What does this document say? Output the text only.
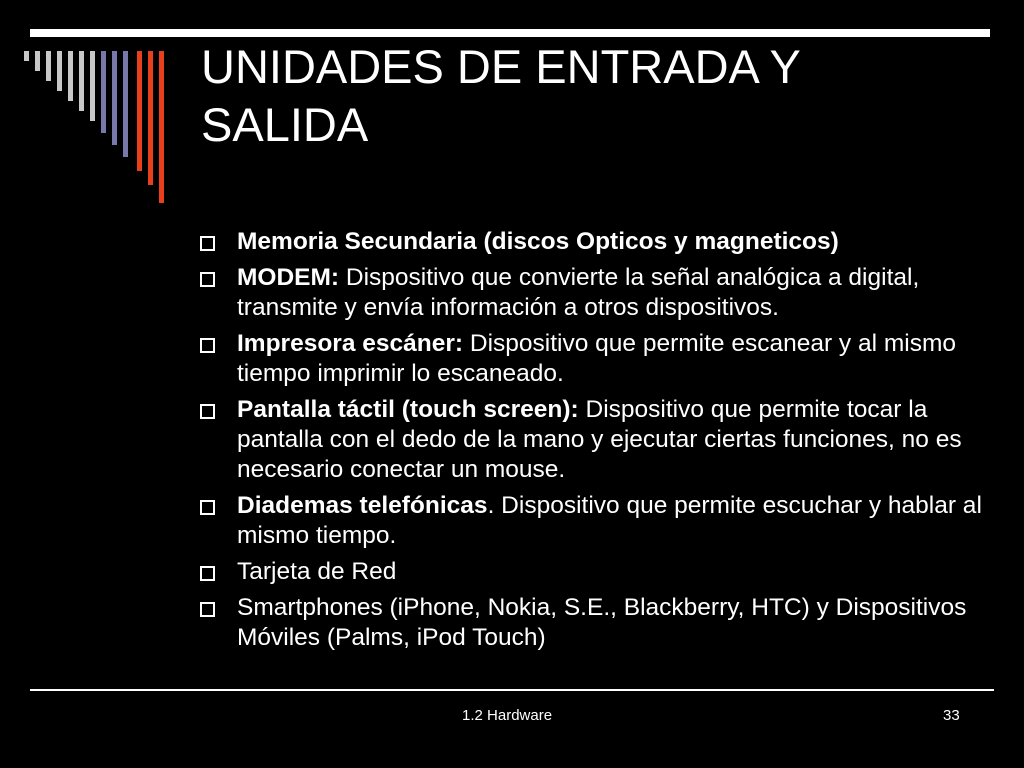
UNIDADES DE ENTRADA Y
SALIDA
Memoria Secundaria (discos Opticos y magneticos)
MODEM: Dispositivo que convierte la señal analógica a digital, transmite y envía información a otros dispositivos.
Impresora escáner: Dispositivo que permite escanear y al mismo tiempo imprimir lo escaneado.
Pantalla táctil (touch screen): Dispositivo que permite tocar la pantalla con el dedo de la mano y ejecutar ciertas funciones, no es necesario conectar un mouse.
Diademas telefónicas. Dispositivo que permite escuchar y hablar al mismo tiempo.
Tarjeta de Red
Smartphones (iPhone, Nokia, S.E., Blackberry, HTC) y Dispositivos Móviles (Palms, iPod Touch)
1.2 Hardware	33
